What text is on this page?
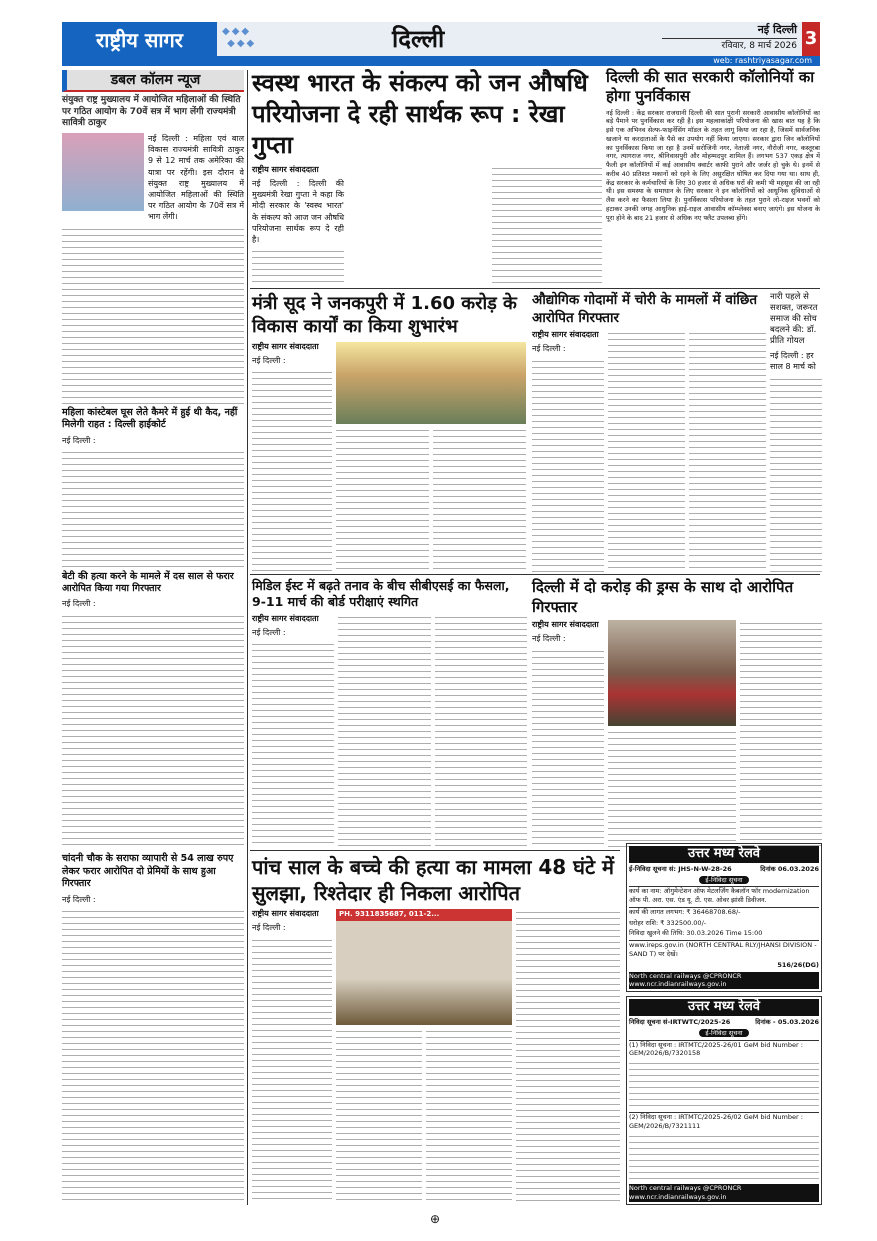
राष्ट्रीय सागर	◆◆◆
◆◆◆	दिल्ली	नई दिल्ली
रविवार, 8 मार्च 2026 3
web: rashtriyasagar.com
डबल कॉलम न्यूज
संयुक्त राष्ट्र मुख्यालय में आयोजित महिलाओं की स्थिति पर गठित आयोग के 70वें सत्र में भाग लेंगी राज्यमंत्री सावित्री ठाकुर
नई दिल्ली : महिला एवं बाल विकास राज्यमंत्री सावित्री ठाकुर 9 से 12 मार्च तक अमेरिका की यात्रा पर रहेंगी। इस दौरान वे संयुक्त राष्ट्र मुख्यालय में आयोजित महिलाओं की स्थिति पर गठित आयोग के 70वें सत्र में भाग लेंगी।
महिला कांस्टेबल घूस लेते कैमरे में हुई थी कैद, नहीं मिलेगी राहत : दिल्ली हाईकोर्ट
नई दिल्ली :
बेटी की हत्या करने के मामले में दस साल से फरार आरोपित किया गया गिरफ्तार
नई दिल्ली :
चांदनी चौक के सराफा व्यापारी से 54 लाख रुपए लेकर फरार आरोपित दो प्रेमियों के साथ हुआ गिरफ्तार
नई दिल्ली :
स्वस्थ भारत के संकल्प को जन औषधि परियोजना दे रही सार्थक रूप : रेखा गुप्ता
राष्ट्रीय सागर संवाददाता
नई दिल्ली : दिल्ली की मुख्यमंत्री रेखा गुप्ता ने कहा कि मोदी सरकार के 'स्वस्थ भारत' के संकल्प को आज जन औषधि परियोजना सार्थक रूप दे रही है।
दिल्ली की सात सरकारी कॉलोनियों का होगा पुनर्विकास
नई दिल्ली : केंद्र सरकार राजधानी दिल्ली की सात पुरानी सरकारी आवासीय कॉलोनियों का बड़े पैमाने पर पुनर्विकास कर रही है। इस महत्वाकांक्षी परियोजना की खास बात यह है कि इसे एक अभिनव सेल्फ-फाइनेंसिंग मॉडल के तहत लागू किया जा रहा है, जिसमें सार्वजनिक खजाने या करदाताओं के पैसे का उपयोग नहीं किया जाएगा। सरकार द्वारा जिन कॉलोनियों का पुनर्विकास किया जा रहा है उनमें सरोजिनी नगर, नेताजी नगर, नौरोजी नगर, कस्तूरबा नगर, त्यागराज नगर, श्रीनिवासपुरी और मोहम्मदपुर शामिल हैं। लगभग 537 एकड़ क्षेत्र में फैली इन कॉलोनियों में कई आवासीय क्वार्टर काफी पुराने और जर्जर हो चुके थे। इनमें से करीब 40 प्रतिशत मकानों को रहने के लिए असुरक्षित घोषित कर दिया गया था। साथ ही, केंद्र सरकार के कर्मचारियों के लिए 30 हजार से अधिक घरों की कमी भी महसूस की जा रही थी। इस समस्या के समाधान के लिए सरकार ने इन कॉलोनियों को आधुनिक सुविधाओं से लैस करने का फैसला लिया है। पुनर्विकास परियोजना के तहत पुराने लो-राइज भवनों को हटाकर उनकी जगह आधुनिक हाई-राइज आवासीय कॉम्प्लेक्स बनाए जाएंगे। इस योजना के पूरा होने के बाद 21 हजार से अधिक नए फ्लैट उपलब्ध होंगे।
मंत्री सूद ने जनकपुरी में 1.60 करोड़ के विकास कार्यों का किया शुभारंभ
राष्ट्रीय सागर संवाददाता
नई दिल्ली :
औद्योगिक गोदामों में चोरी के मामलों में वांछित आरोपित गिरफ्तार
राष्ट्रीय सागर संवाददाता
नई दिल्ली :
नारी पहले से सशक्त, जरूरत समाज की सोच बदलने की: डॉ. प्रीति गोयल
नई दिल्ली : हर साल 8 मार्च को
मिडिल ईस्ट में बढ़ते तनाव के बीच सीबीएसई का फैसला, 9-11 मार्च की बोर्ड परीक्षाएं स्थगित
राष्ट्रीय सागर संवाददाता
नई दिल्ली :
दिल्ली में दो करोड़ की ड्रग्स के साथ दो आरोपित गिरफ्तार
राष्ट्रीय सागर संवाददाता
नई दिल्ली :
पांच साल के बच्चे की हत्या का मामला 48 घंटे में सुलझा, रिश्तेदार ही निकला आरोपित
राष्ट्रीय सागर संवाददाता
नई दिल्ली :
PH. 9311835687, 011-2...
उत्तर मध्य रेलवे
ई-निविदा सूचना सं: JHS-N-W-28-26	दिनांक 06.03.2026
ई-निविदा सूचना
कार्य का नाम: ऑगुमेन्टेशन ऑफ मेटलर्जिंग कैबलॉन फॉर modernization ऑफ पी. अरा. एस. एंड यू. टी. एस. ओवर झांसी डिवीजन.
कार्य की लागत लगभग: ₹ 36468708.68/-
धरोहर राशि: ₹ 332500.00/-
निविदा खुलने की तिथि: 30.03.2026 Time 15:00
www.ireps.gov.in (NORTH CENTRAL RLY/JHANSI DIVISION - SAND T) पर देखें।
516/26(DG)
North central railways @CPRONCR www.ncr.indianrailways.gov.in
उत्तर मध्य रेलवे
निविदा सूचना सं-IRTWTC/2025-26	दिनांक - 05.03.2026
ई-निविदा सूचना
(1) निविदा सूचना : IRTMTC/2025-26/01 GeM bid Number : GEM/2026/B/7320158
(2) निविदा सूचना : IRTMTC/2025-26/02 GeM bid Number : GEM/2026/B/7321111
North central railways @CPRONCR www.ncr.indianrailways.gov.in
⊕
